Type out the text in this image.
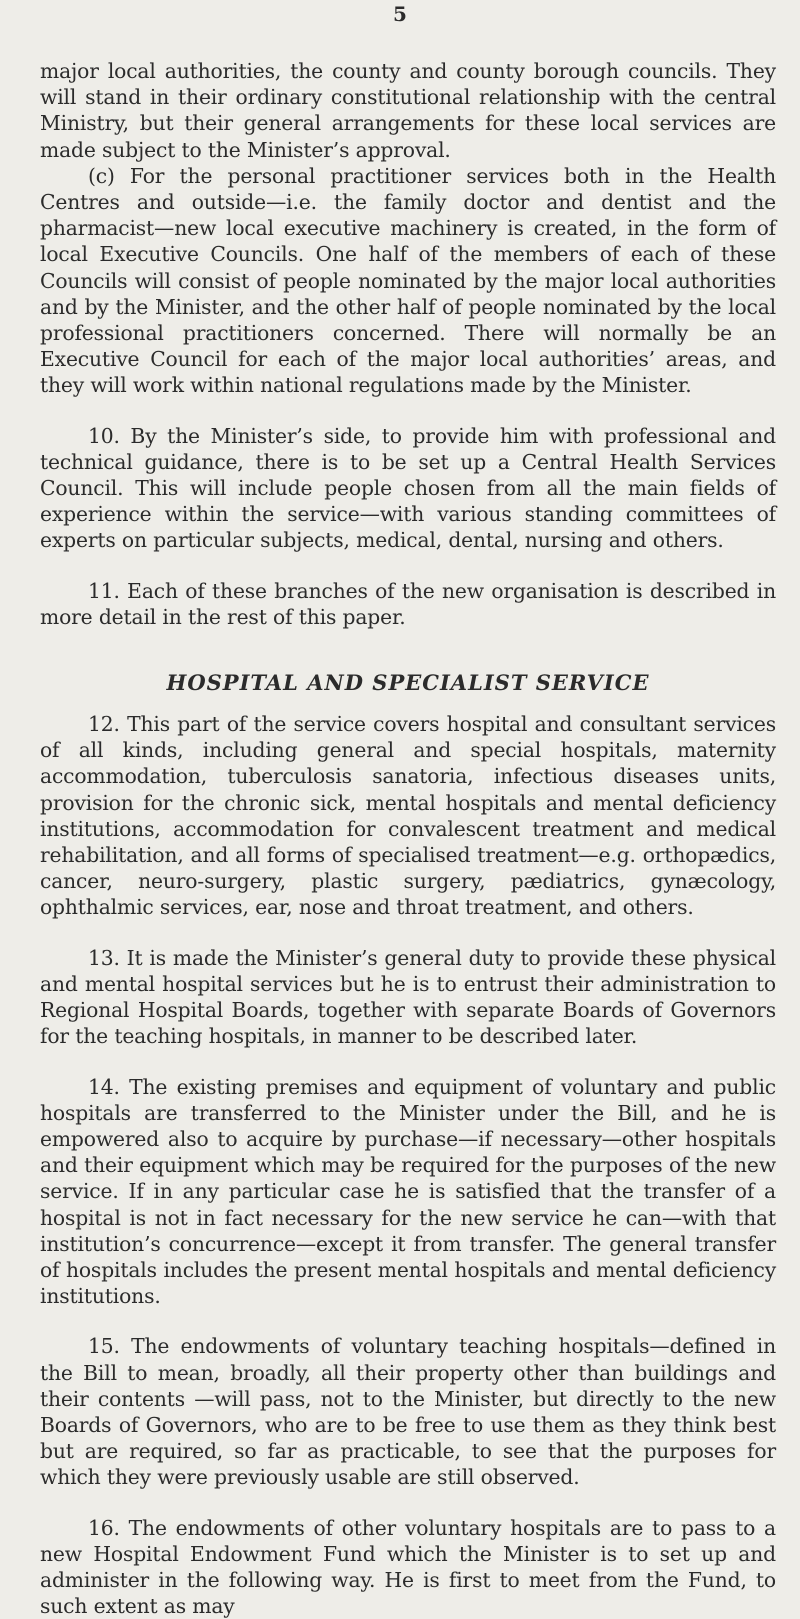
5

major local authorities, the county and county borough councils. They will stand in their ordinary constitutional relationship with the central Ministry, but their general arrangements for these local services are made subject to the Minister’s approval.

(c) For the personal practitioner services both in the Health Centres and outside—i.e. the family doctor and dentist and the pharmacist—new local executive machinery is created, in the form of local Executive Councils. One half of the members of each of these Councils will consist of people nominated by the major local authorities and by the Minister, and the other half of people nominated by the local professional practitioners concerned. There will normally be an Executive Council for each of the major local authorities’ areas, and they will work within national regulations made by the Minister.

10. By the Minister’s side, to provide him with professional and technical guidance, there is to be set up a Central Health Services Council. This will include people chosen from all the main fields of experience within the service—with various standing committees of experts on particular subjects, medical, dental, nursing and others.

11. Each of these branches of the new organisation is described in more detail in the rest of this paper.

HOSPITAL AND SPECIALIST SERVICE

12. This part of the service covers hospital and consultant services of all kinds, including general and special hospitals, maternity accommodation, tuberculosis sanatoria, infectious diseases units, provision for the chronic sick, mental hospitals and mental deficiency institutions, accommodation for convalescent treatment and medical rehabilitation, and all forms of specialised treatment—e.g. orthopædics, cancer, neuro-surgery, plastic surgery, pædiatrics, gynæcology, ophthalmic services, ear, nose and throat treatment, and others.

13. It is made the Minister’s general duty to provide these physical and mental hospital services but he is to entrust their administration to Regional Hospital Boards, together with separate Boards of Governors for the teaching hospitals, in manner to be described later.

14. The existing premises and equipment of voluntary and public hospitals are transferred to the Minister under the Bill, and he is empowered also to acquire by purchase—if necessary—other hospitals and their equipment which may be required for the purposes of the new service. If in any particular case he is satisfied that the transfer of a hospital is not in fact necessary for the new service he can—with that institution’s concurrence—except it from transfer. The general transfer of hospitals includes the present mental hospitals and mental deficiency institutions.

15. The endowments of voluntary teaching hospitals—defined in the Bill to mean, broadly, all their property other than buildings and their contents —will pass, not to the Minister, but directly to the new Boards of Governors, who are to be free to use them as they think best but are required, so far as practicable, to see that the purposes for which they were previously usable are still observed.

16. The endowments of other voluntary hospitals are to pass to a new Hospital Endowment Fund which the Minister is to set up and administer in the following way. He is first to meet from the Fund, to such extent as may
